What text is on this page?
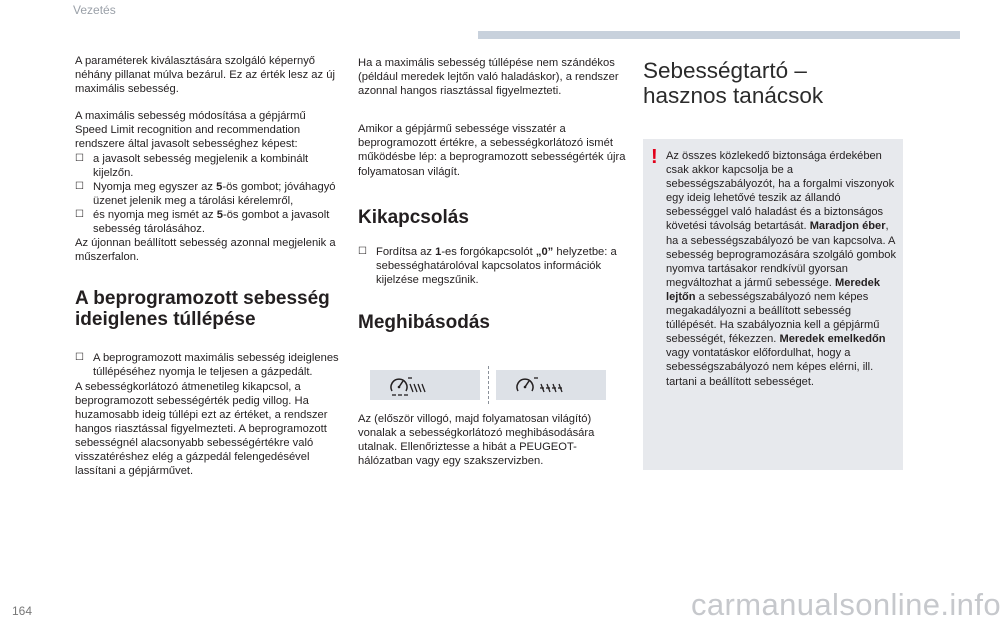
Vezetés

A paraméterek kiválasztására szolgáló képernyő néhány pillanat múlva bezárul. Ez az érték lesz az új maximális sebesség.

A maximális sebesség módosítása a gépjármű Speed Limit recognition and recommendation rendszere által javasolt sebességhez képest:

☐ a javasolt sebesség megjelenik a kombinált kijelzőn.
☐ Nyomja meg egyszer az 5-ös gombot; jóváhagyó üzenet jelenik meg a tárolási kérelemről,
☐ és nyomja meg ismét az 5-ös gombot a javasolt sebesség tárolásához.

Az újonnan beállított sebesség azonnal megjelenik a műszerfalon.

A beprogramozott sebesség ideiglenes túllépése
☐ A beprogramozott maximális sebesség ideiglenes túllépéséhez nyomja le teljesen a gázpedált.

A sebességkorlátozó átmenetileg kikapcsol, a beprogramozott sebességérték pedig villog. Ha huzamosabb ideig túllépi ezt az értéket, a rendszer hangos riasztással figyelmezteti. A beprogramozott sebességnél alacsonyabb sebességértékre való visszatéréshez elég a gázpedál felengedésével lassítani a gépjárművet.

Ha a maximális sebesség túllépése nem szándékos (például meredek lejtőn való haladáskor), a rendszer azonnal hangos riasztással figyelmezteti.

Amikor a gépjármű sebessége visszatér a beprogramozott értékre, a sebességkorlátozó ismét működésbe lép: a beprogramozott sebességérték újra folyamatosan világít.

Kikapcsolás
☐ Fordítsa az 1-es forgókapcsolót „0” helyzetbe: a sebességhatárolóval kapcsolatos információk kijelzése megszűnik.
Meghibásodás

Az (először villogó, majd folyamatosan világító) vonalak a sebességkorlátozó meghibásodására utalnak. Ellenőriztesse a hibát a PEUGEOT-hálózatban vagy egy szakszervizben.

Sebességtartó – hasznos tanácsok
! Az összes közlekedő biztonsága érdekében csak akkor kapcsolja be a sebességszabályozót, ha a forgalmi viszonyok egy ideig lehetővé teszik az állandó sebességgel való haladást és a biztonságos követési távolság betartását. Maradjon éber, ha a sebességszabályozó be van kapcsolva. A sebesség beprogramozására szolgáló gombok nyomva tartásakor rendkívül gyorsan megváltozhat a jármű sebessége. Meredek lejtőn a sebességszabályozó nem képes megakadályozni a beállított sebesség túllépését. Ha szabályoznia kell a gépjármű sebességét, fékezzen. Meredek emelkedőn vagy vontatáskor előfordulhat, hogy a sebességszabályozó nem képes elérni, ill. tartani a beállított sebességet.
164	carmanualsonline.info
